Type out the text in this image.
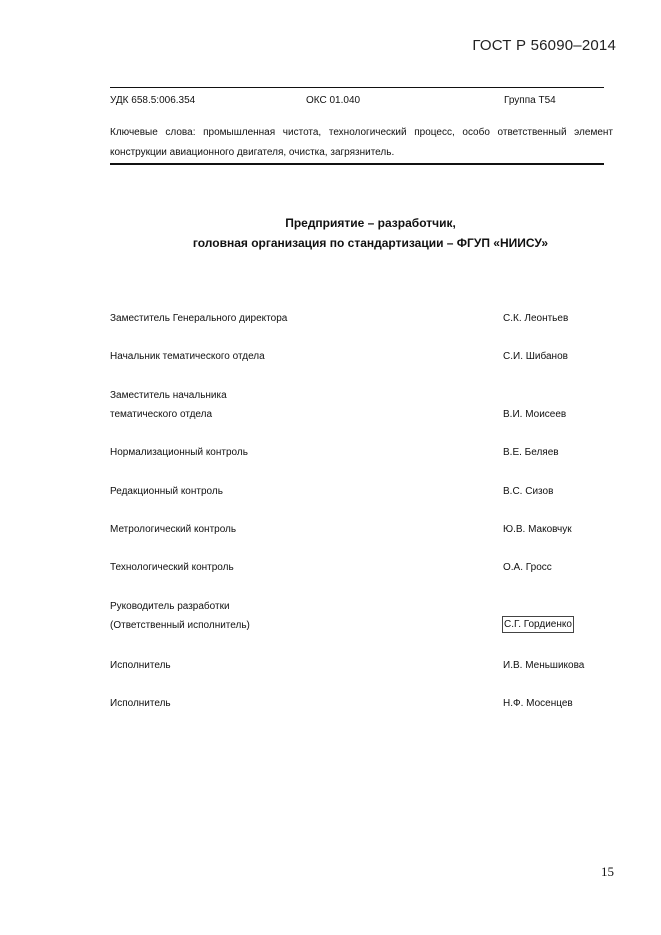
ГОСТ Р 56090–2014
УДК 658.5:006.354	ОКС 01.040	Группа Т54
Ключевые слова: промышленная чистота, технологический процесс, особо ответственный элемент конструкции авиационного двигателя, очистка, загрязнитель.
Предприятие – разработчик,
головная организация по стандартизации – ФГУП «НИИСУ»
Заместитель Генерального директора	С.К. Леонтьев
Начальник тематического отдела	С.И. Шибанов
Заместитель начальника
тематического отдела	В.И. Моисеев
Нормализационный контроль	В.Е. Беляев
Редакционный контроль	В.С. Сизов
Метрологический контроль	Ю.В. Маковчук
Технологический контроль	О.А. Гросс
Руководитель разработки
(Ответственный исполнитель)	С.Г. Гордиенко
Исполнитель	И.В. Меньшикова
Исполнитель	Н.Ф. Мосенцев
15
